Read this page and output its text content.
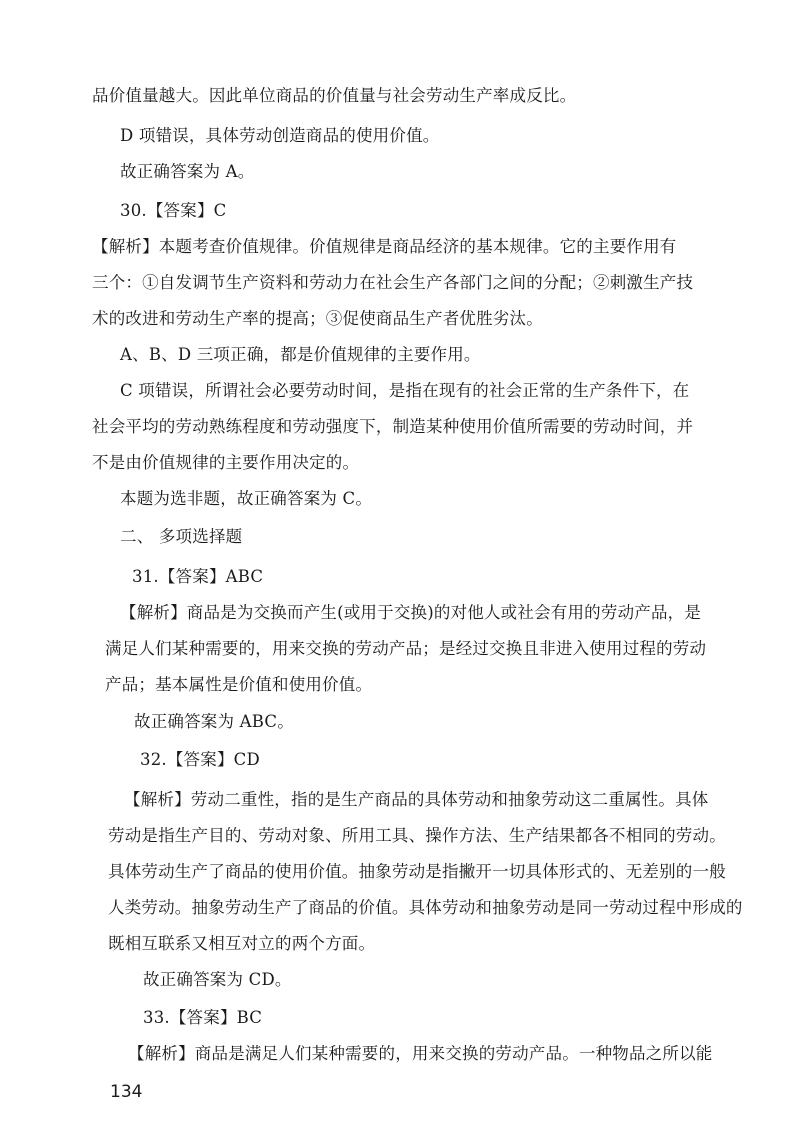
品价值量越大。因此单位商品的价值量与社会劳动生产率成反比。
D 项错误，具体劳动创造商品的使用价值。
故正确答案为 A。
30.【答案】C
【解析】本题考查价值规律。价值规律是商品经济的基本规律。它的主要作用有
三个：①自发调节生产资料和劳动力在社会生产各部门之间的分配；②刺激生产技
术的改进和劳动生产率的提高；③促使商品生产者优胜劣汰。
A、B、D 三项正确，都是价值规律的主要作用。
C 项错误，所谓社会必要劳动时间，是指在现有的社会正常的生产条件下，在
社会平均的劳动熟练程度和劳动强度下，制造某种使用价值所需要的劳动时间，并
不是由价值规律的主要作用决定的。
本题为选非题，故正确答案为 C。
二、 多项选择题
31.【答案】ABC
【解析】商品是为交换而产生(或用于交换)的对他人或社会有用的劳动产品，是
满足人们某种需要的，用来交换的劳动产品；是经过交换且非进入使用过程的劳动
产品；基本属性是价值和使用价值。
故正确答案为 ABC。
32.【答案】CD
【解析】劳动二重性，指的是生产商品的具体劳动和抽象劳动这二重属性。具体
劳动是指生产目的、劳动对象、所用工具、操作方法、生产结果都各不相同的劳动。
具体劳动生产了商品的使用价值。抽象劳动是指撇开一切具体形式的、无差别的一般
人类劳动。抽象劳动生产了商品的价值。具体劳动和抽象劳动是同一劳动过程中形成的
既相互联系又相互对立的两个方面。
故正确答案为 CD。
33.【答案】BC
【解析】商品是满足人们某种需要的，用来交换的劳动产品。一种物品之所以能
134
